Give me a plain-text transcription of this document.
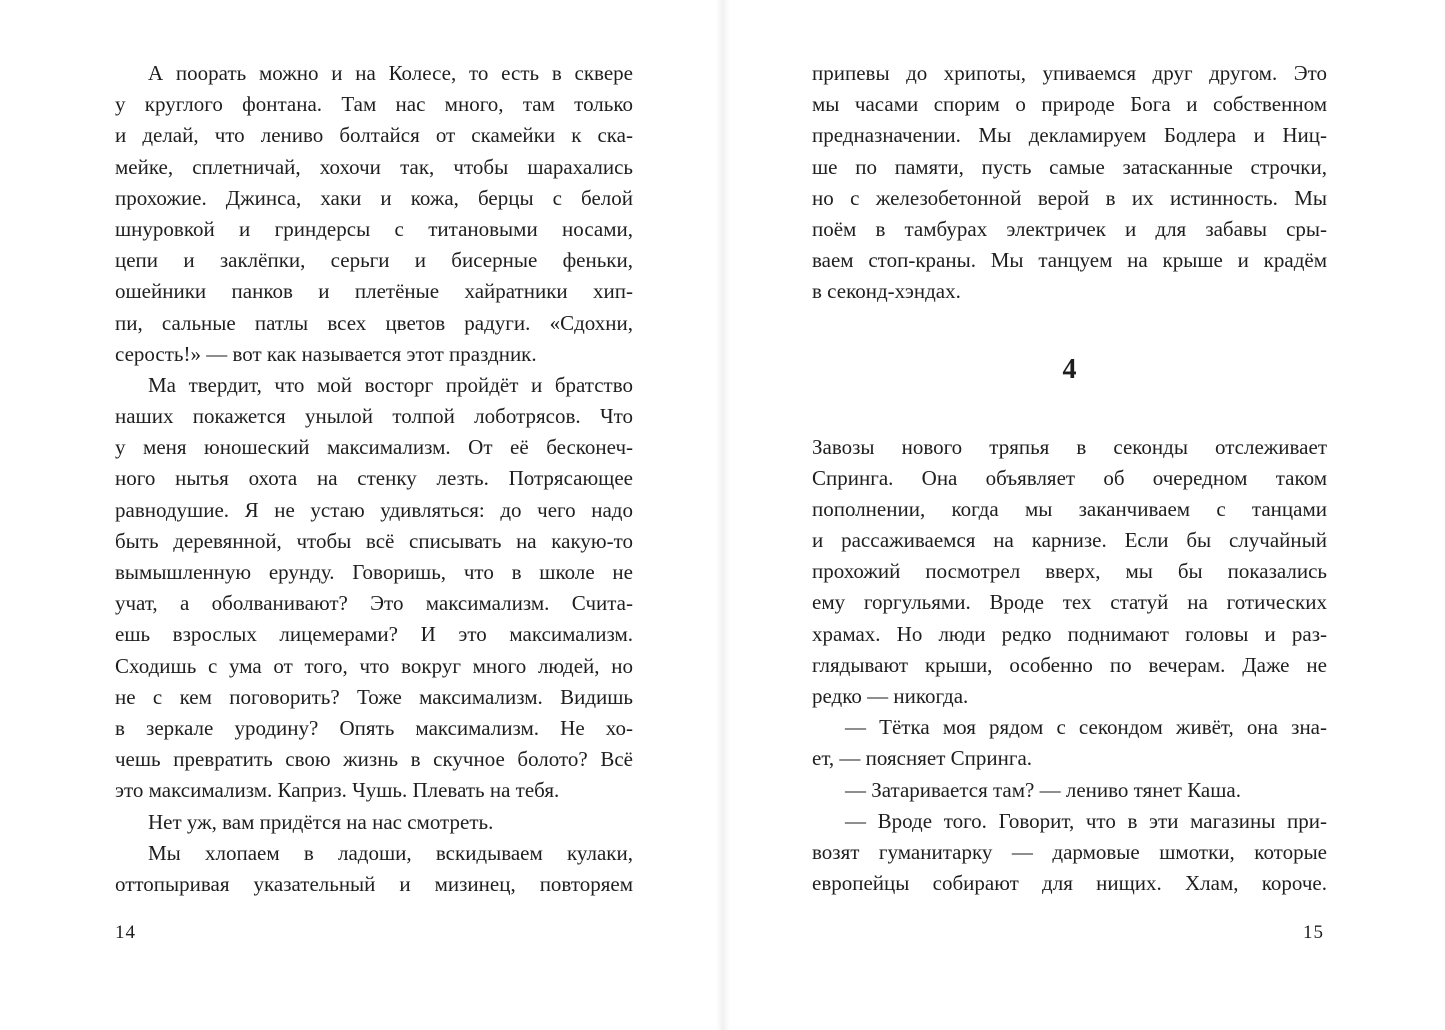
А поорать можно и на Колесе, то есть в сквере
у круглого фонтана. Там нас много, там только
и делай, что лениво болтайся от скамейки к ска-
мейке, сплетничай, хохочи так, чтобы шарахались
прохожие. Джинса, хаки и кожа, берцы с белой
шнуровкой и гриндерсы с титановыми носами,
цепи и заклёпки, серьги и бисерные феньки,
ошейники панков и плетёные хайратники хип-
пи, сальные патлы всех цветов радуги. «Сдохни,
серость!» — вот как называется этот праздник.
Ма твердит, что мой восторг пройдёт и братство
наших покажется унылой толпой лоботрясов. Что
у меня юношеский максимализм. От её бесконеч-
ного нытья охота на стенку лезть. Потрясающее
равнодушие. Я не устаю удивляться: до чего надо
быть деревянной, чтобы всё списывать на какую-то
вымышленную ерунду. Говоришь, что в школе не
учат, а оболванивают? Это максимализм. Счита-
ешь взрослых лицемерами? И это максимализм.
Сходишь с ума от того, что вокруг много людей, но
не с кем поговорить? Тоже максимализм. Видишь
в зеркале уродину? Опять максимализм. Не хо-
чешь превратить свою жизнь в скучное болото? Всё
это максимализм. Каприз. Чушь. Плевать на тебя.
Нет уж, вам придётся на нас смотреть.
Мы хлопаем в ладоши, вскидываем кулаки,
оттопыривая указательный и мизинец, повторяем
14
припевы до хрипоты, упиваемся друг другом. Это
мы часами спорим о природе Бога и собственном
предназначении. Мы декламируем Бодлера и Ниц-
ше по памяти, пусть самые затасканные строчки,
но с железобетонной верой в их истинность. Мы
поём в тамбурах электричек и для забавы сры-
ваем стоп-краны. Мы танцуем на крыше и крадём
в секонд-хэндах.
4
Завозы нового тряпья в секонды отслеживает
Спринга. Она объявляет об очередном таком
пополнении, когда мы заканчиваем с танцами
и рассаживаемся на карнизе. Если бы случайный
прохожий посмотрел вверх, мы бы показались
ему горгульями. Вроде тех статуй на готических
храмах. Но люди редко поднимают головы и раз-
глядывают крыши, особенно по вечерам. Даже не
редко — никогда.
— Тётка моя рядом с секондом живёт, она зна-
ет, — поясняет Спринга.
— Затаривается там? — лениво тянет Каша.
— Вроде того. Говорит, что в эти магазины при-
возят гуманитарку — дармовые шмотки, которые
европейцы собирают для нищих. Хлам, короче.
15
